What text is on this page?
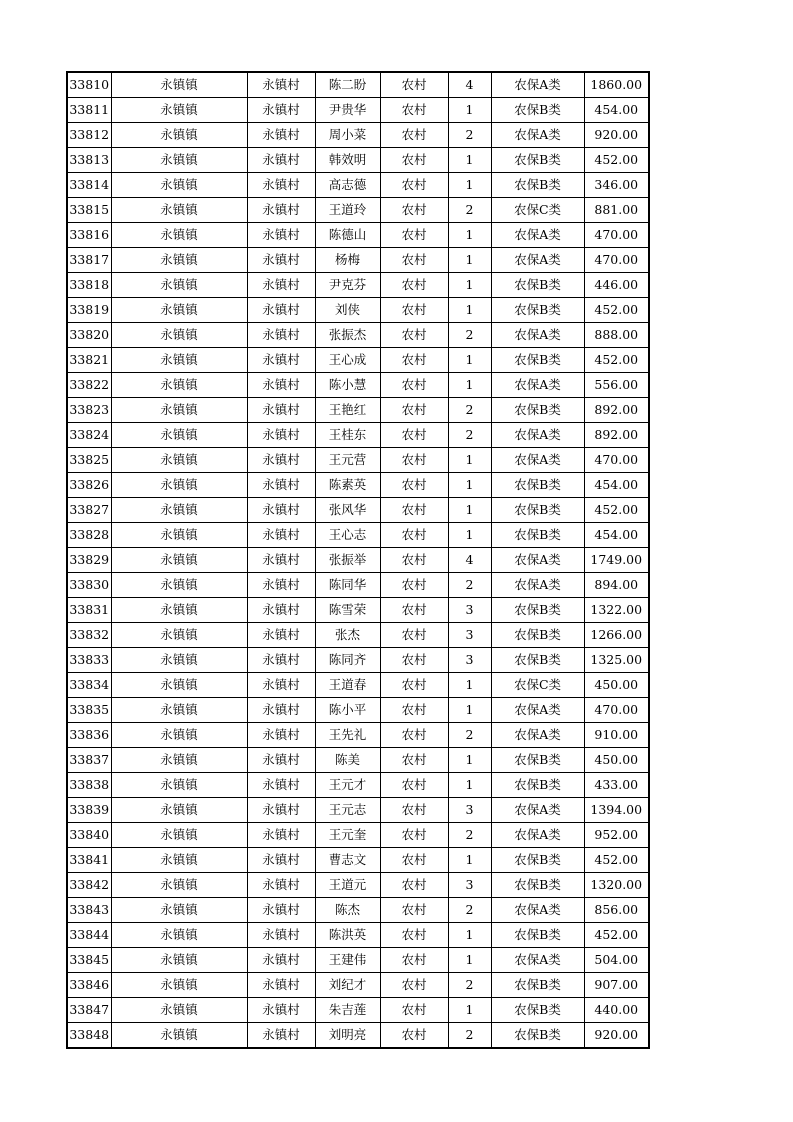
33810	永镇镇	永镇村	陈二盼	农村	4	农保A类	1860.00
33811	永镇镇	永镇村	尹贵华	农村	1	农保B类	454.00
33812	永镇镇	永镇村	周小菜	农村	2	农保A类	920.00
33813	永镇镇	永镇村	韩效明	农村	1	农保B类	452.00
33814	永镇镇	永镇村	高志德	农村	1	农保B类	346.00
33815	永镇镇	永镇村	王道玲	农村	2	农保C类	881.00
33816	永镇镇	永镇村	陈德山	农村	1	农保A类	470.00
33817	永镇镇	永镇村	杨梅	农村	1	农保A类	470.00
33818	永镇镇	永镇村	尹克芬	农村	1	农保B类	446.00
33819	永镇镇	永镇村	刘侠	农村	1	农保B类	452.00
33820	永镇镇	永镇村	张振杰	农村	2	农保A类	888.00
33821	永镇镇	永镇村	王心成	农村	1	农保B类	452.00
33822	永镇镇	永镇村	陈小慧	农村	1	农保A类	556.00
33823	永镇镇	永镇村	王艳红	农村	2	农保B类	892.00
33824	永镇镇	永镇村	王桂东	农村	2	农保A类	892.00
33825	永镇镇	永镇村	王元营	农村	1	农保A类	470.00
33826	永镇镇	永镇村	陈素英	农村	1	农保B类	454.00
33827	永镇镇	永镇村	张风华	农村	1	农保B类	452.00
33828	永镇镇	永镇村	王心志	农村	1	农保B类	454.00
33829	永镇镇	永镇村	张振举	农村	4	农保A类	1749.00
33830	永镇镇	永镇村	陈同华	农村	2	农保A类	894.00
33831	永镇镇	永镇村	陈雪荣	农村	3	农保B类	1322.00
33832	永镇镇	永镇村	张杰	农村	3	农保B类	1266.00
33833	永镇镇	永镇村	陈同齐	农村	3	农保B类	1325.00
33834	永镇镇	永镇村	王道春	农村	1	农保C类	450.00
33835	永镇镇	永镇村	陈小平	农村	1	农保A类	470.00
33836	永镇镇	永镇村	王先礼	农村	2	农保A类	910.00
33837	永镇镇	永镇村	陈美	农村	1	农保B类	450.00
33838	永镇镇	永镇村	王元才	农村	1	农保B类	433.00
33839	永镇镇	永镇村	王元志	农村	3	农保A类	1394.00
33840	永镇镇	永镇村	王元奎	农村	2	农保A类	952.00
33841	永镇镇	永镇村	曹志文	农村	1	农保B类	452.00
33842	永镇镇	永镇村	王道元	农村	3	农保B类	1320.00
33843	永镇镇	永镇村	陈杰	农村	2	农保A类	856.00
33844	永镇镇	永镇村	陈洪英	农村	1	农保B类	452.00
33845	永镇镇	永镇村	王建伟	农村	1	农保A类	504.00
33846	永镇镇	永镇村	刘纪才	农村	2	农保B类	907.00
33847	永镇镇	永镇村	朱吉莲	农村	1	农保B类	440.00
33848	永镇镇	永镇村	刘明亮	农村	2	农保B类	920.00
